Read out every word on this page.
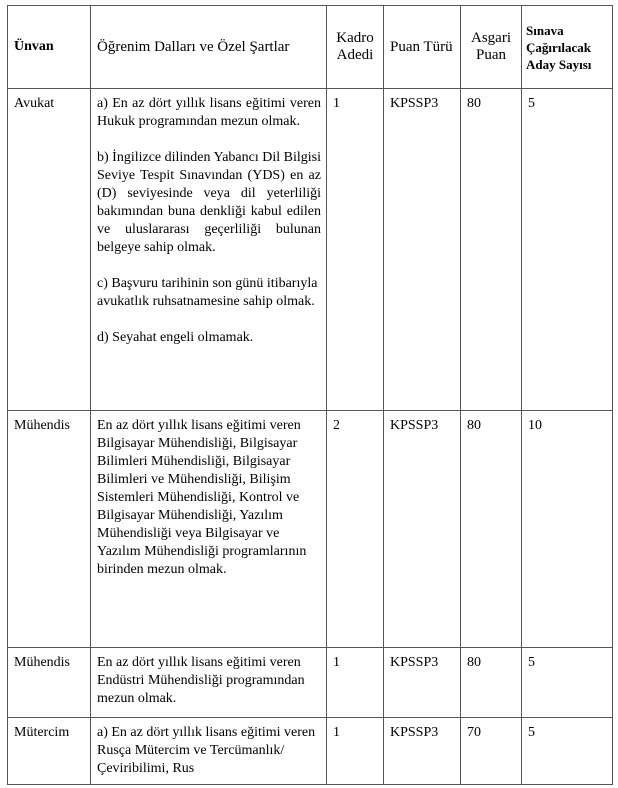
Ünvan	Öğrenim Dalları ve Özel Şartlar	Kadro Adedi	Puan Türü	Asgari Puan	Sınava Çağırılacak Aday Sayısı
Avukat	a) En az dört yıllık lisans eğitimi veren Hukuk programından mezun olmak.

b) İngilizce dilinden Yabancı Dil Bilgisi Seviye Tespit Sınavından (YDS) en az (D) seviyesinde veya dil yeterliliği bakımından buna denkliği kabul edilen ve uluslararası geçerliliği bulunan belgeye sahip olmak.

c) Başvuru tarihinin son günü itibarıyla avukatlık ruhsatnamesine sahip olmak.

d) Seyahat engeli olmamak.	1	KPSSP3	80	5
Mühendis	En az dört yıllık lisans eğitimi veren Bilgisayar Mühendisliği, Bilgisayar Bilimleri Mühendisliği, Bilgisayar Bilimleri ve Mühendisliği, Bilişim Sistemleri Mühendisliği, Kontrol ve Bilgisayar Mühendisliği, Yazılım Mühendisliği veya Bilgisayar ve Yazılım Mühendisliği programlarının birinden mezun olmak.	2	KPSSP3	80	10
Mühendis	En az dört yıllık lisans eğitimi veren Endüstri Mühendisliği programından mezun olmak.	1	KPSSP3	80	5
Mütercim	a) En az dört yıllık lisans eğitimi veren Rusça Mütercim ve Tercümanlık/Çeviribilimi, Rus	1	KPSSP3	70	5
